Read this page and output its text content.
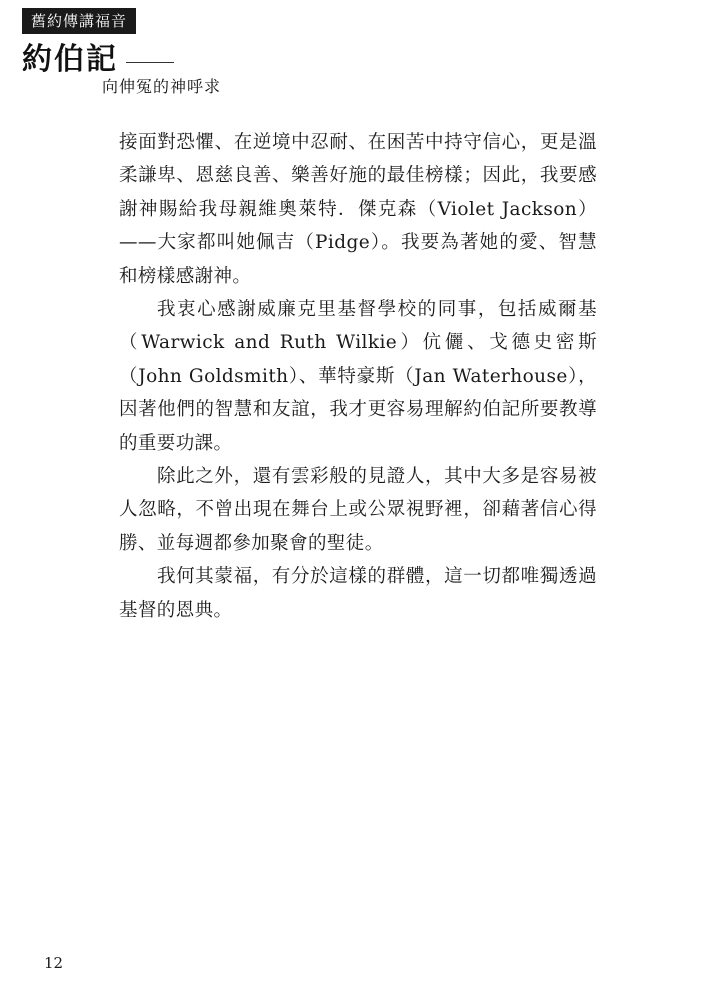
舊約傳講福音
約伯記
向伸冤的神呼求

接面對恐懼、在逆境中忍耐、在困苦中持守信心，更是溫柔謙卑、恩慈良善、樂善好施的最佳榜樣；因此，我要感謝神賜給我母親維奧萊特．傑克森（Violet Jackson）——大家都叫她佩吉（Pidge）。我要為著她的愛、智慧和榜樣感謝神。

我衷心感謝威廉克里基督學校的同事，包括威爾基（Warwick and Ruth Wilkie）伉儷、戈德史密斯（John Goldsmith）、華特豪斯（Jan Waterhouse），因著他們的智慧和友誼，我才更容易理解約伯記所要教導的重要功課。

除此之外，還有雲彩般的見證人，其中大多是容易被人忽略，不曾出現在舞台上或公眾視野裡，卻藉著信心得勝、並每週都參加聚會的聖徒。

我何其蒙福，有分於這樣的群體，這一切都唯獨透過基督的恩典。

12
